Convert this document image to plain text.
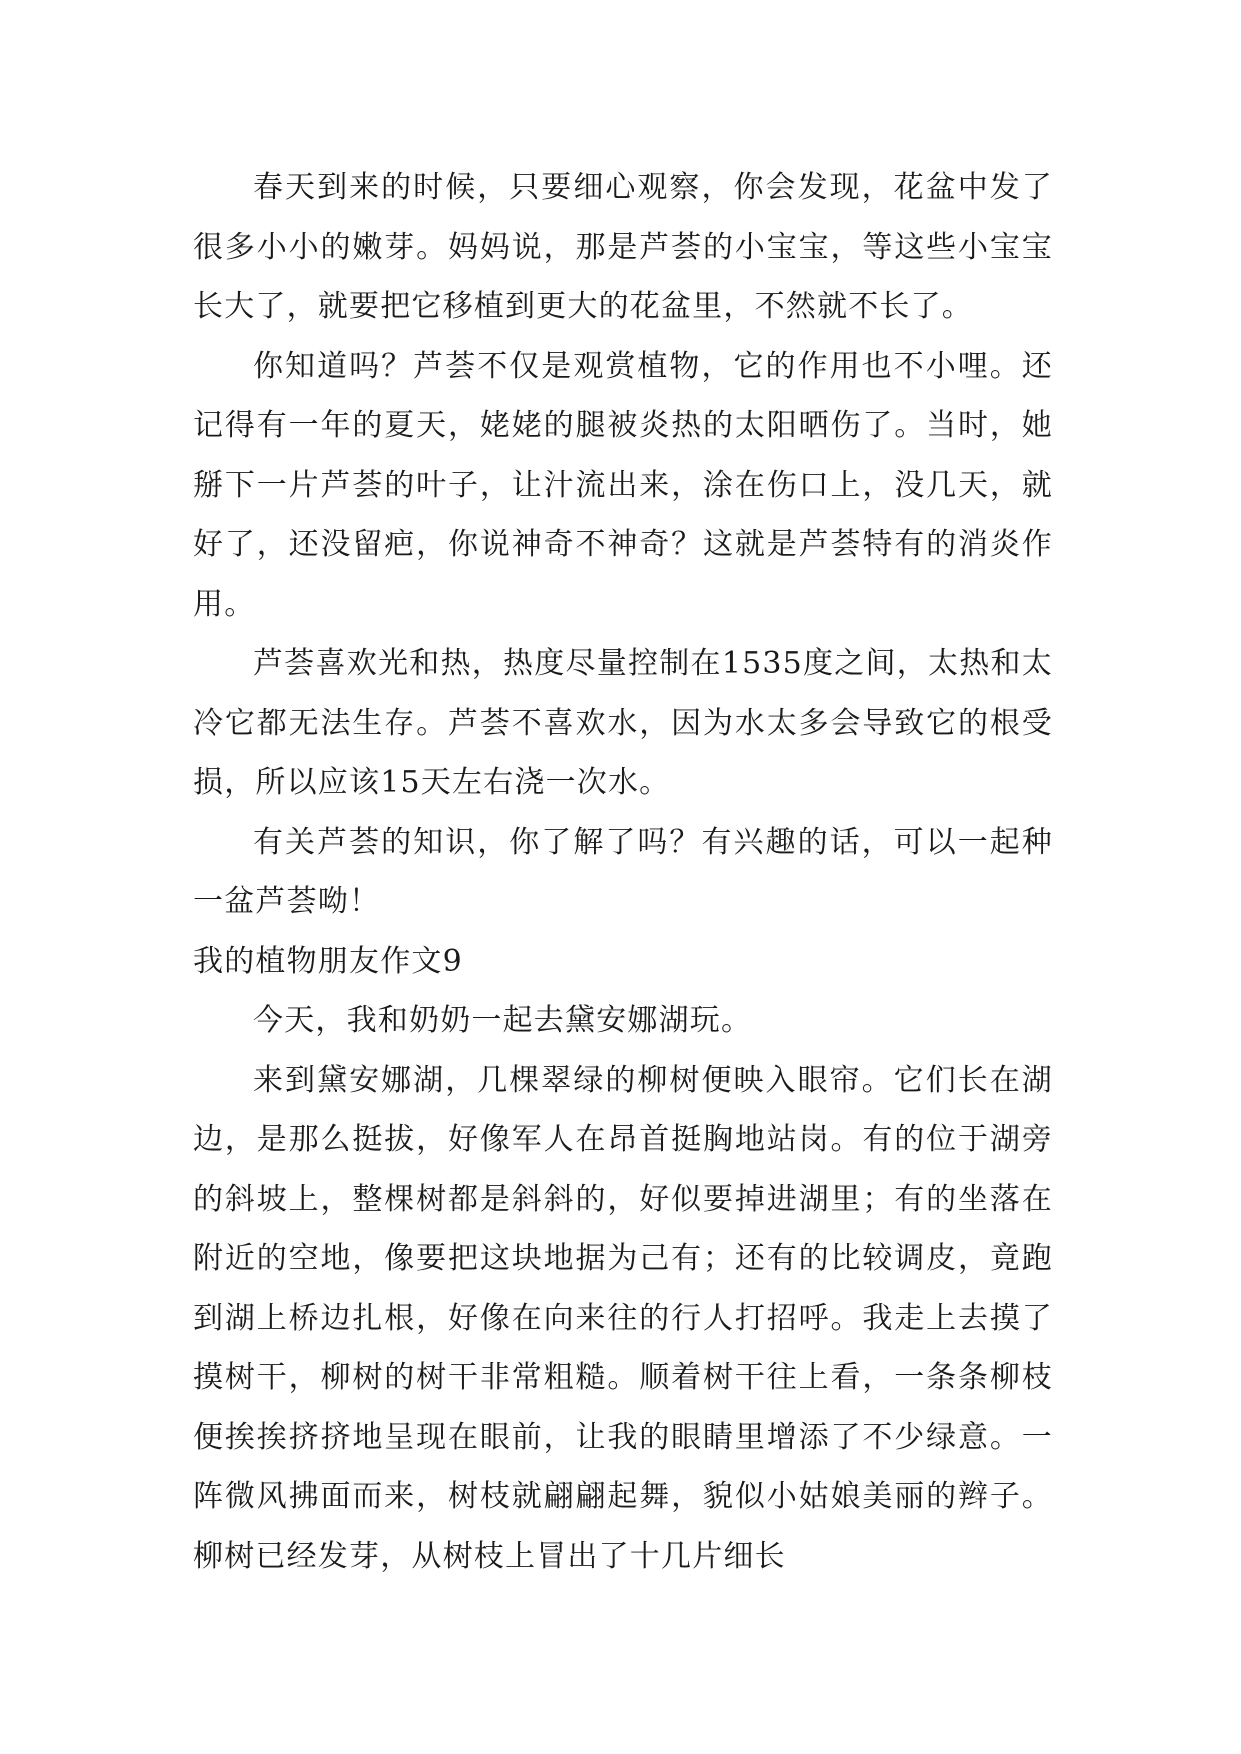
春天到来的时候，只要细心观察，你会发现，花盆中发了很多小小的嫩芽。妈妈说，那是芦荟的小宝宝，等这些小宝宝长大了，就要把它移植到更大的花盆里，不然就不长了。

你知道吗？芦荟不仅是观赏植物，它的作用也不小哩。还记得有一年的夏天，姥姥的腿被炎热的太阳晒伤了。当时，她掰下一片芦荟的叶子，让汁流出来，涂在伤口上，没几天，就好了，还没留疤，你说神奇不神奇？这就是芦荟特有的消炎作用。

芦荟喜欢光和热，热度尽量控制在1535度之间，太热和太冷它都无法生存。芦荟不喜欢水，因为水太多会导致它的根受损，所以应该15天左右浇一次水。

有关芦荟的知识，你了解了吗？有兴趣的话，可以一起种一盆芦荟呦！

我的植物朋友作文9

今天，我和奶奶一起去黛安娜湖玩。

来到黛安娜湖，几棵翠绿的柳树便映入眼帘。它们长在湖边，是那么挺拔，好像军人在昂首挺胸地站岗。有的位于湖旁的斜坡上，整棵树都是斜斜的，好似要掉进湖里；有的坐落在附近的空地，像要把这块地据为己有；还有的比较调皮，竟跑到湖上桥边扎根，好像在向来往的行人打招呼。我走上去摸了摸树干，柳树的树干非常粗糙。顺着树干往上看，一条条柳枝便挨挨挤挤地呈现在眼前，让我的眼睛里增添了不少绿意。一阵微风拂面而来，树枝就翩翩起舞，貌似小姑娘美丽的辫子。柳树已经发芽，从树枝上冒出了十几片细长
